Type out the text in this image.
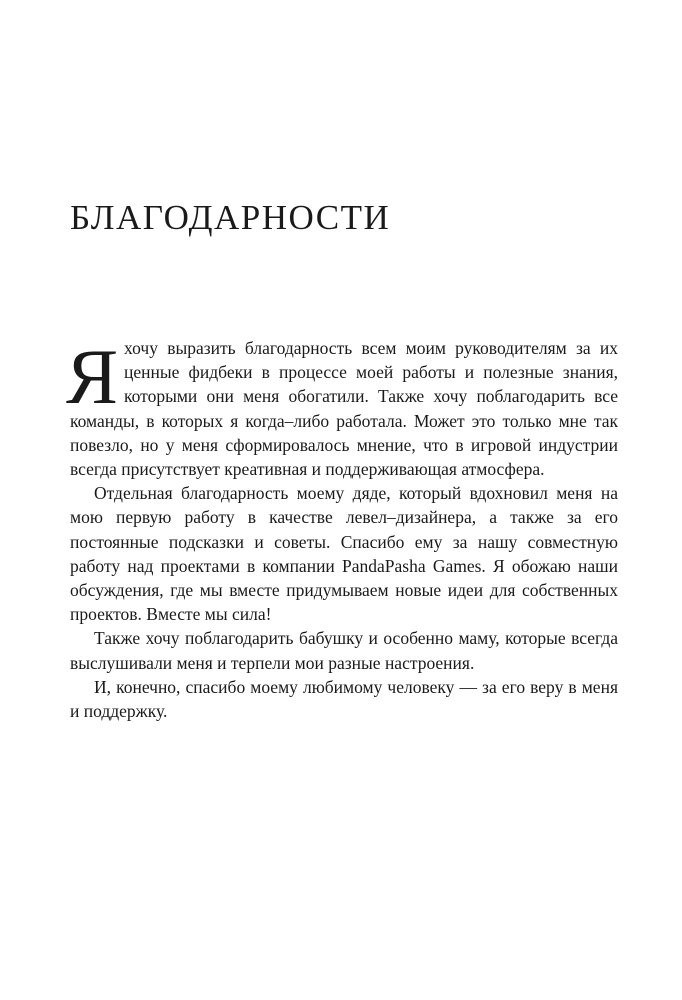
БЛАГОДАРНОСТИ

Яхочу выразить благодарность всем моим руководителям за их ценные фидбеки в процессе моей работы и полезные знания, которыми они меня обогатили. Также хочу поблагодарить все команды, в которых я когда–либо работала. Может это только мне так повезло, но у меня сформировалось мнение, что в игровой индустрии всегда присутствует креативная и поддерживающая атмосфера.

Отдельная благодарность моему дяде, который вдохновил меня на мою первую работу в качестве левел–дизайнера, а также за его постоянные подсказки и советы. Спасибо ему за нашу совместную работу над проектами в компании PandaPasha Games. Я обожаю наши обсуждения, где мы вместе придумываем новые идеи для собственных проектов. Вместе мы сила!

Также хочу поблагодарить бабушку и особенно маму, которые всегда выслушивали меня и терпели мои разные настроения.

И, конечно, спасибо моему любимому человеку — за его веру в меня и поддержку.
